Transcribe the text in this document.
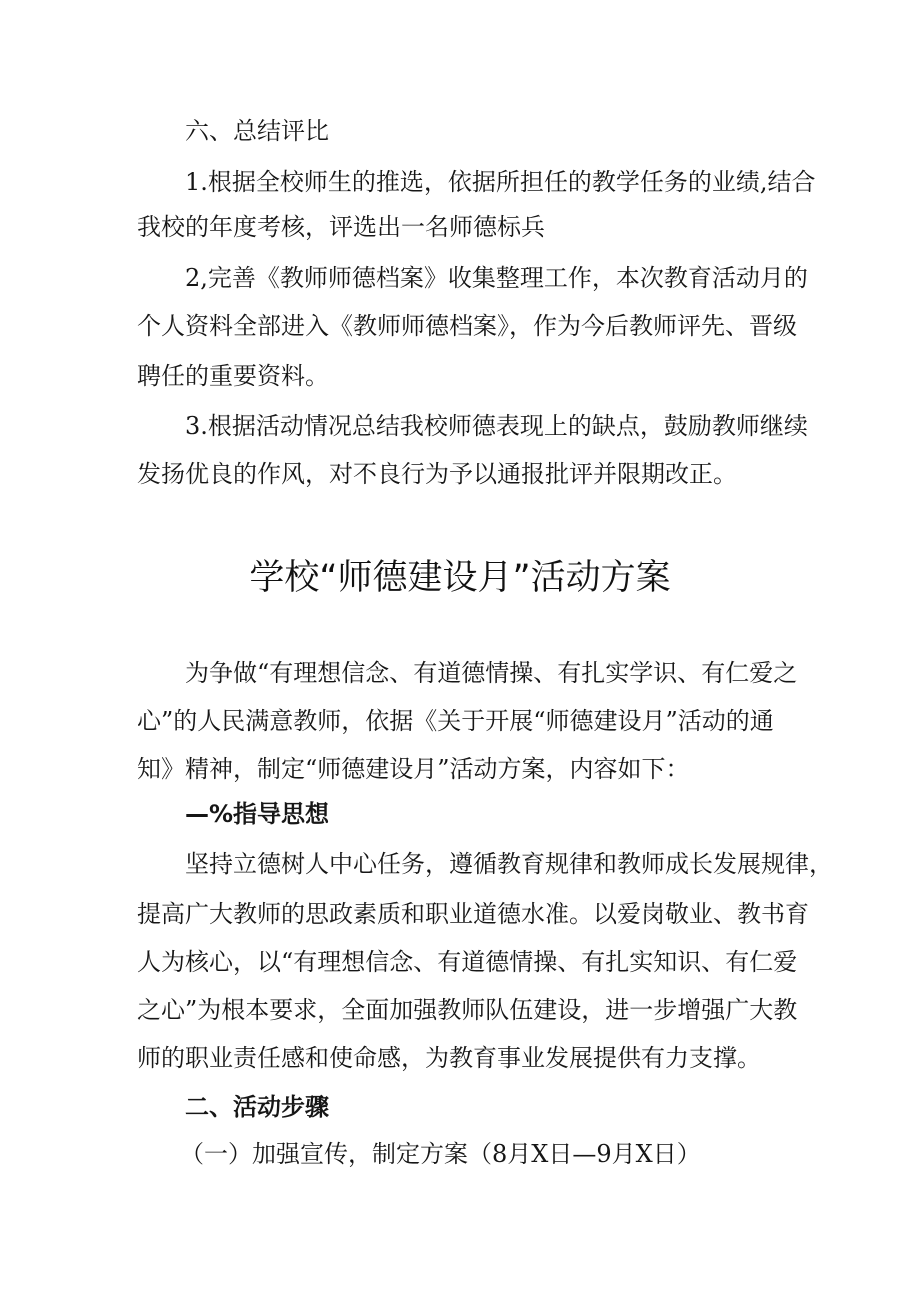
六、总结评比
1.根据全校师生的推选，依据所担任的教学任务的业绩,结合
我校的年度考核，评选出一名师德标兵
2,完善《教师师德档案》收集整理工作，本次教育活动月的
个人资料全部进入《教师师德档案》，作为今后教师评先、晋级
聘任的重要资料。
3.根据活动情况总结我校师德表现上的缺点，鼓励教师继续
发扬优良的作风，对不良行为予以通报批评并限期改正。
学校“师德建设月”活动方案
为争做“有理想信念、有道德情操、有扎实学识、有仁爱之
心”的人民满意教师，依据《关于开展“师德建设月”活动的通
知》精神，制定“师德建设月”活动方案，内容如下：
—%指导思想
坚持立德树人中心任务，遵循教育规律和教师成长发展规律，
提高广大教师的思政素质和职业道德水准。以爱岗敬业、教书育
人为核心，以“有理想信念、有道德情操、有扎实知识、有仁爱
之心”为根本要求，全面加强教师队伍建设，进一步增强广大教
师的职业责任感和使命感，为教育事业发展提供有力支撑。
二、活动步骤
（一）加强宣传，制定方案（8月X日—9月X日）
